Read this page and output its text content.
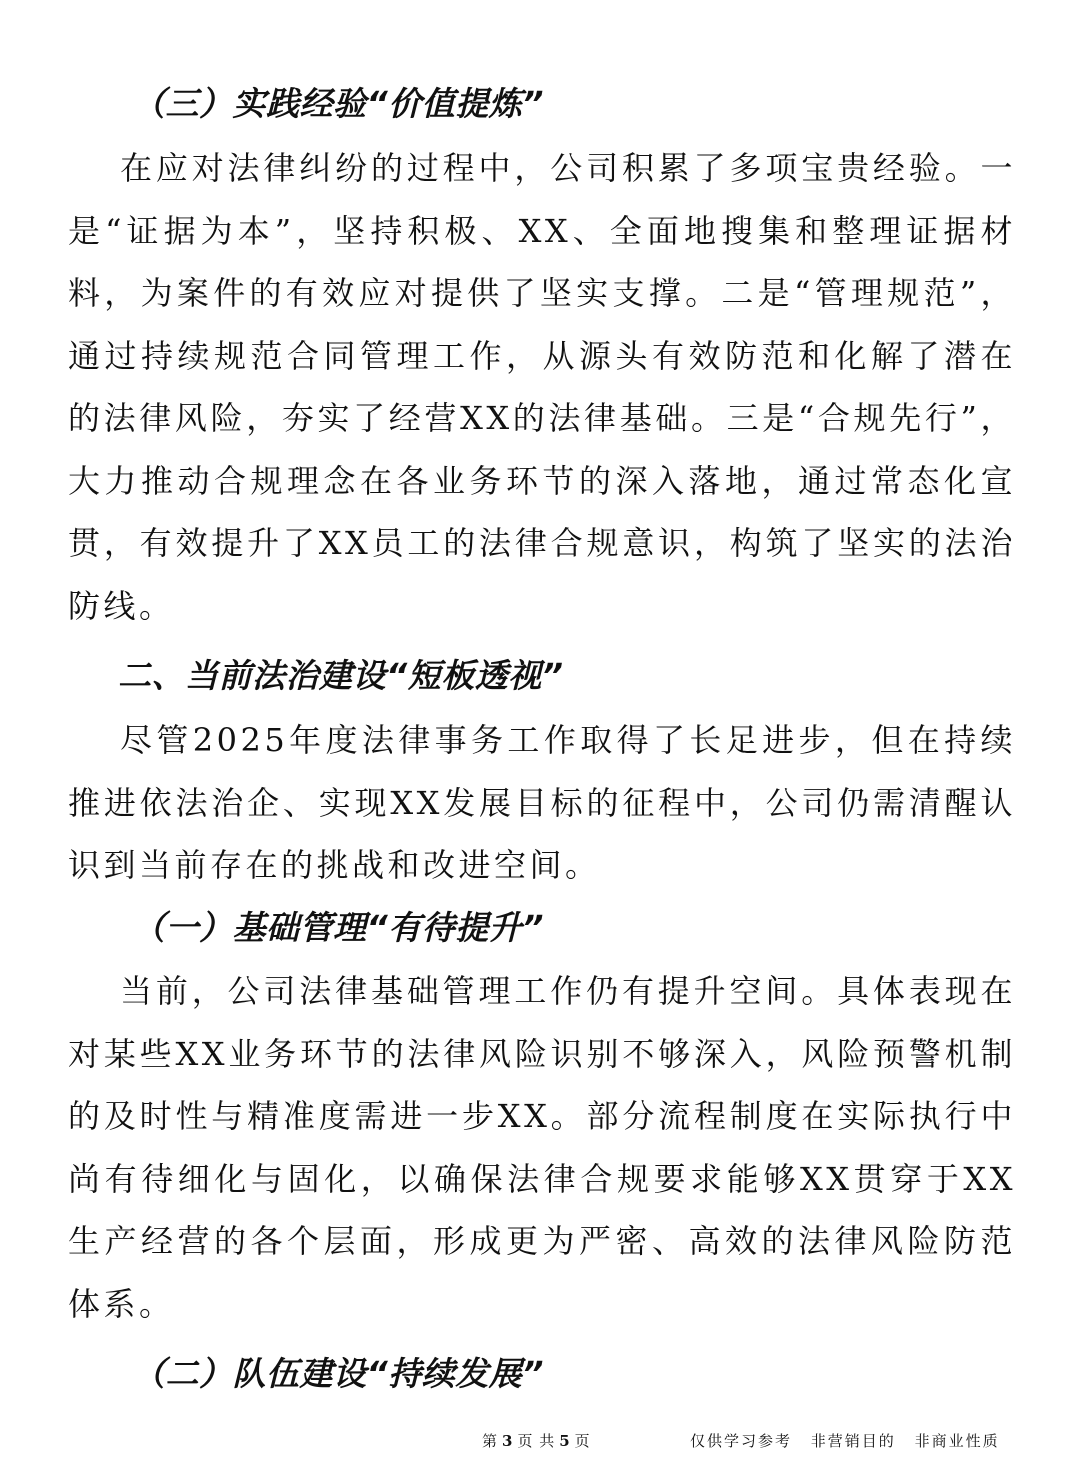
（三）实践经验“价值提炼”

在应对法律纠纷的过程中，公司积累了多项宝贵经验。一是“证据为本”，坚持积极、XX、全面地搜集和整理证据材料，为案件的有效应对提供了坚实支撑。二是“管理规范”，通过持续规范合同管理工作，从源头有效防范和化解了潜在的法律风险，夯实了经营XX的法律基础。三是“合规先行”，大力推动合规理念在各业务环节的深入落地，通过常态化宣贯，有效提升了XX员工的法律合规意识，构筑了坚实的法治防线。

二、当前法治建设“短板透视”

尽管2025年度法律事务工作取得了长足进步，但在持续推进依法治企、实现XX发展目标的征程中，公司仍需清醒认识到当前存在的挑战和改进空间。

（一）基础管理“有待提升”

当前，公司法律基础管理工作仍有提升空间。具体表现在对某些XX业务环节的法律风险识别不够深入，风险预警机制的及时性与精准度需进一步XX。部分流程制度在实际执行中尚有待细化与固化，以确保法律合规要求能够XX贯穿于XX生产经营的各个层面，形成更为严密、高效的法律风险防范体系。

（二）队伍建设“持续发展”
第 3 页 共 5 页	仅供学习参考 非营销目的 非商业性质
